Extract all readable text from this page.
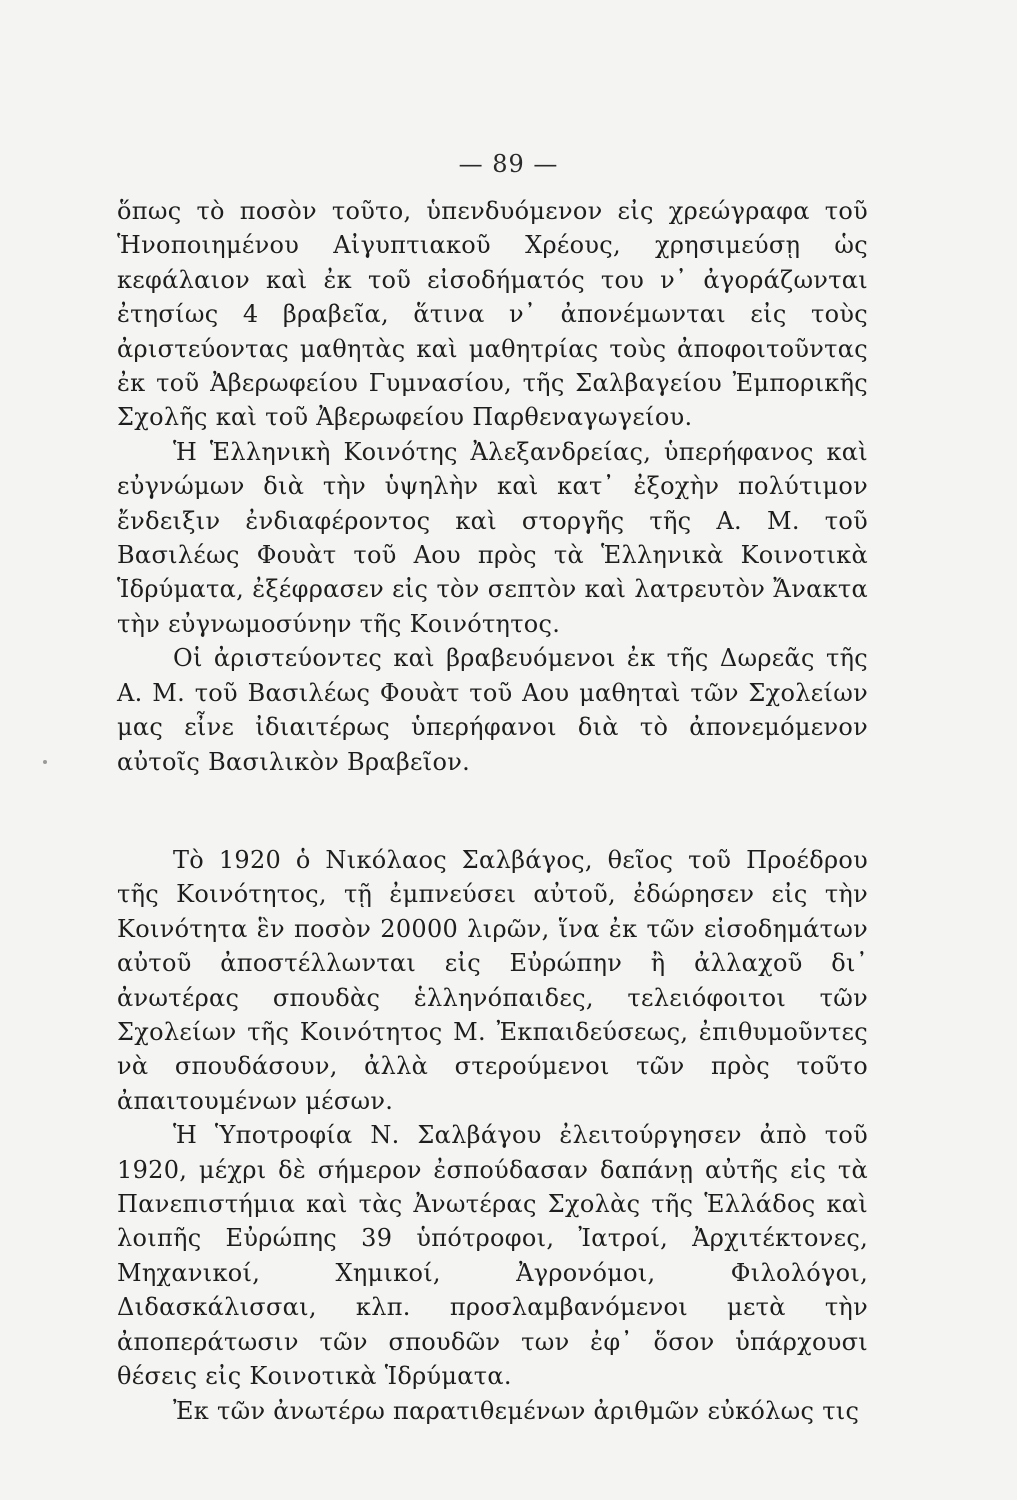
— 89 —

ὅπως τὸ ποσὸν τοῦτο, ὑπενδυόμενον εἰς χρεώγραφα τοῦ Ἡνοποιημένου Αἰγυπτιακοῦ Χρέους, χρησιμεύσῃ ὡς κεφάλαιον καὶ ἐκ τοῦ εἰσοδήματός του ν᾽ ἀγοράζωνται ἐτησίως 4 βραβεῖα, ἅτινα ν᾽ ἀπονέμωνται εἰς τοὺς ἀριστεύοντας μαθητὰς καὶ μαθητρίας τοὺς ἀποφοιτοῦντας ἐκ τοῦ Ἀβερωφείου Γυμνασίου, τῆς Σαλβαγείου Ἐμπορικῆς Σχολῆς καὶ τοῦ Ἀβερωφείου Παρθεναγωγείου.

Ἡ Ἑλληνικὴ Κοινότης Ἀλεξανδρείας, ὑπερήφανος καὶ εὐγνώμων διὰ τὴν ὑψηλὴν καὶ κατ᾽ ἐξοχὴν πολύτιμον ἔνδειξιν ἐνδιαφέροντος καὶ στοργῆς τῆς Α. Μ. τοῦ Βασιλέως Φουὰτ τοῦ Αου πρὸς τὰ Ἑλληνικὰ Κοινοτικὰ Ἱδρύματα, ἐξέφρασεν εἰς τὸν σεπτὸν καὶ λατρευτὸν Ἄνακτα τὴν εὐγνωμοσύνην τῆς Κοινότητος.

Οἱ ἀριστεύοντες καὶ βραβευόμενοι ἐκ τῆς Δωρεᾶς τῆς Α. Μ. τοῦ Βασιλέως Φουὰτ τοῦ Αου μαθηταὶ τῶν Σχολείων μας εἶνε ἰδιαιτέρως ὑπερήφανοι διὰ τὸ ἀπονεμόμενον αὐτοῖς Βασιλικὸν Βραβεῖον.

Τὸ 1920 ὁ Νικόλαος Σαλβάγος, θεῖος τοῦ Προέδρου τῆς Κοινότητος, τῇ ἐμπνεύσει αὐτοῦ, ἐδώρησεν εἰς τὴν Κοινότητα ἓν ποσὸν 20000 λιρῶν, ἵνα ἐκ τῶν εἰσοδημάτων αὐτοῦ ἀποστέλλωνται εἰς Εὐρώπην ἢ ἀλλαχοῦ δι᾽ ἀνωτέρας σπουδὰς ἑλληνόπαιδες, τελειόφοιτοι τῶν Σχολείων τῆς Κοινότητος Μ. Ἐκπαιδεύσεως, ἐπιθυμοῦντες νὰ σπουδάσουν, ἀλλὰ στερούμενοι τῶν πρὸς τοῦτο ἀπαιτουμένων μέσων.

Ἡ Ὑποτροφία Ν. Σαλβάγου ἐλειτούργησεν ἀπὸ τοῦ 1920, μέχρι δὲ σήμερον ἐσπούδασαν δαπάνῃ αὐτῆς εἰς τὰ Πανεπιστήμια καὶ τὰς Ἀνωτέρας Σχολὰς τῆς Ἑλλάδος καὶ λοιπῆς Εὐρώπης 39 ὑπότροφοι, Ἰατροί, Ἀρχιτέκτονες, Μηχανικοί, Χημικοί, Ἀγρονόμοι, Φιλολόγοι, Διδασκάλισσαι, κλπ. προσλαμβανόμενοι μετὰ τὴν ἀποπεράτωσιν τῶν σπουδῶν των ἐφ᾽ ὅσον ὑπάρχουσι θέσεις εἰς Κοινοτικὰ Ἱδρύματα.

Ἐκ τῶν ἀνωτέρω παρατιθεμένων ἀριθμῶν εὐκόλως τις
